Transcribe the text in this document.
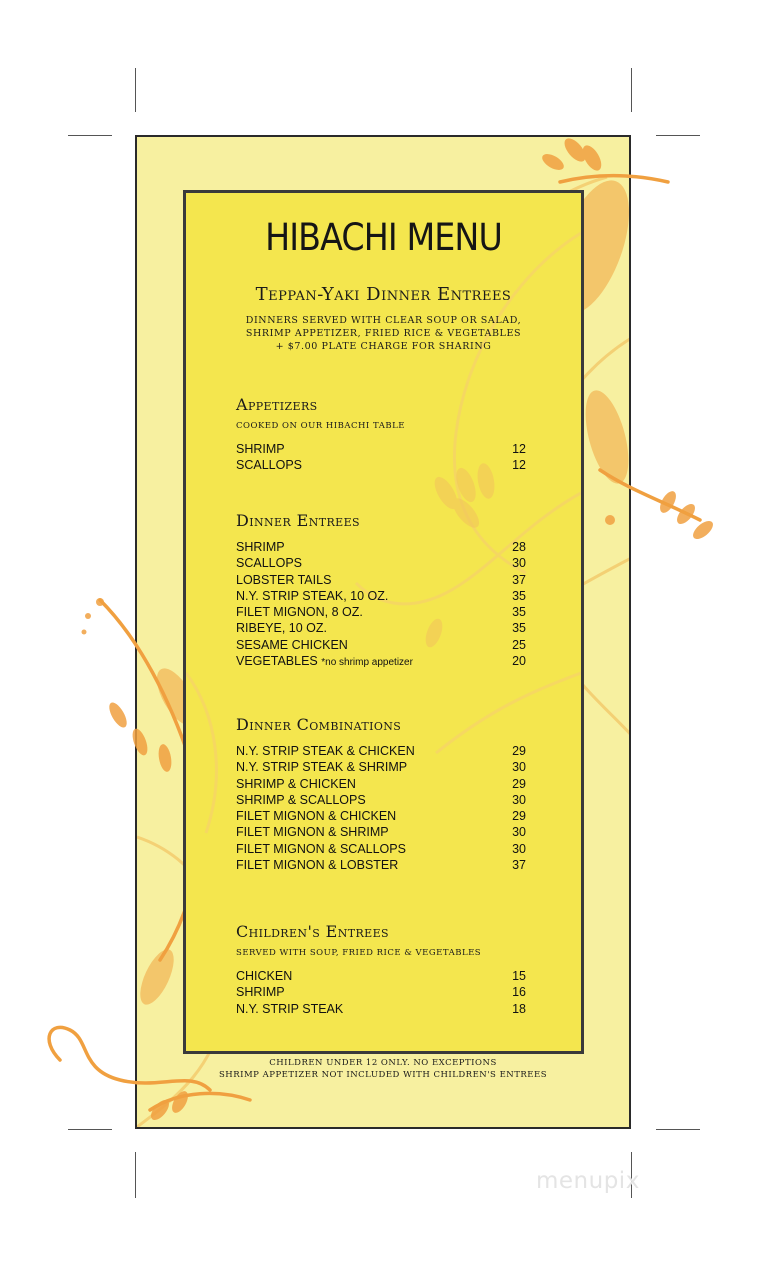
HIBACHI MENU
Teppan-Yaki Dinner Entrees
DINNERS SERVED WITH CLEAR SOUP OR SALAD,
SHRIMP APPETIZER, FRIED RICE & VEGETABLES
+ $7.00 PLATE CHARGE FOR SHARING
Appetizers
COOKED ON OUR HIBACHI TABLE
SHRIMP	12
SCALLOPS	12
Dinner Entrees
SHRIMP	28
SCALLOPS	30
LOBSTER TAILS	37
N.Y. STRIP STEAK, 10 OZ.	35
FILET MIGNON, 8 OZ.	35
RIBEYE, 10 OZ.	35
SESAME CHICKEN	25
VEGETABLES *no shrimp appetizer	20
Dinner Combinations
N.Y. STRIP STEAK & CHICKEN	29
N.Y. STRIP STEAK & SHRIMP	30
SHRIMP & CHICKEN	29
SHRIMP & SCALLOPS	30
FILET MIGNON & CHICKEN	29
FILET MIGNON & SHRIMP	30
FILET MIGNON & SCALLOPS	30
FILET MIGNON & LOBSTER	37
Children's Entrees
SERVED WITH SOUP, FRIED RICE & VEGETABLES
CHICKEN	15
SHRIMP	16
N.Y. STRIP STEAK	18
CHILDREN UNDER 12 ONLY. NO EXCEPTIONS
SHRIMP APPETIZER NOT INCLUDED WITH CHILDREN'S ENTREES
menupix
